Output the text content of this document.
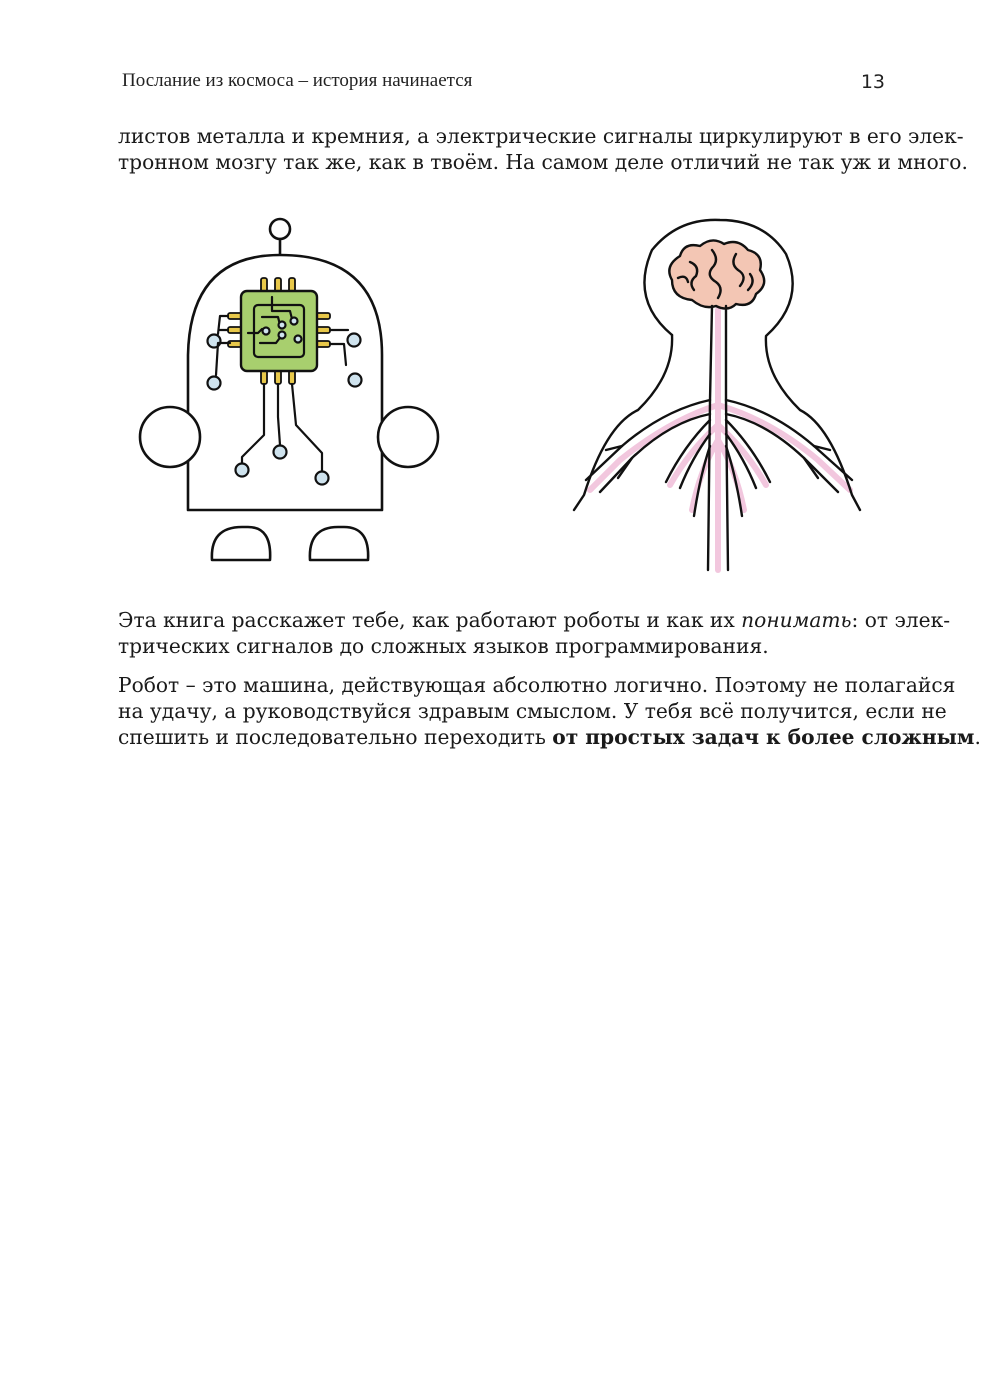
Послание из космоса – история начинается	13

листов металла и кремния, а электрические сигналы циркулируют в его элек-
тронном мозгу так же, как в твоём. На самом деле отличий не так уж и много.

Эта книга расскажет тебе, как работают роботы и как их понимать: от элек-
трических сигналов до сложных языков программирования.

Робот – это машина, действующая абсолютно логично. Поэтому не полагайся
на удачу, а руководствуйся здравым смыслом. У тебя всё получится, если не
спешить и последовательно переходить от простых задач к более сложным.
